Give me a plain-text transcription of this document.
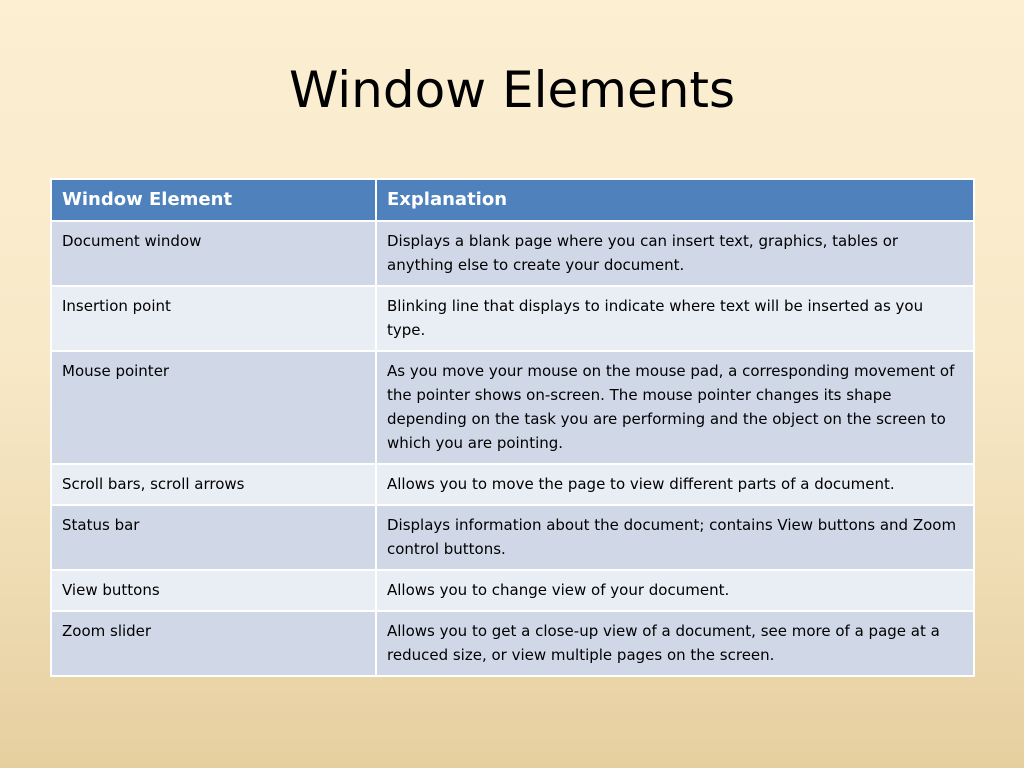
Window Elements
Window Element	Explanation
Document window	Displays a blank page where you can insert text, graphics, tables or anything else to create your document.
Insertion point	Blinking line that displays to indicate where text will be inserted as you type.
Mouse pointer	As you move your mouse on the mouse pad, a corresponding movement of the pointer shows on-screen. The mouse pointer changes its shape depending on the task you are performing and the object on the screen to which you are pointing.
Scroll bars, scroll arrows	Allows you to move the page to view different parts of a document.
Status bar	Displays information about the document; contains View buttons and Zoom control buttons.
View buttons	Allows you to change view of your document.
Zoom slider	Allows you to get a close-up view of a document, see more of a page at a reduced size, or view multiple pages on the screen.
